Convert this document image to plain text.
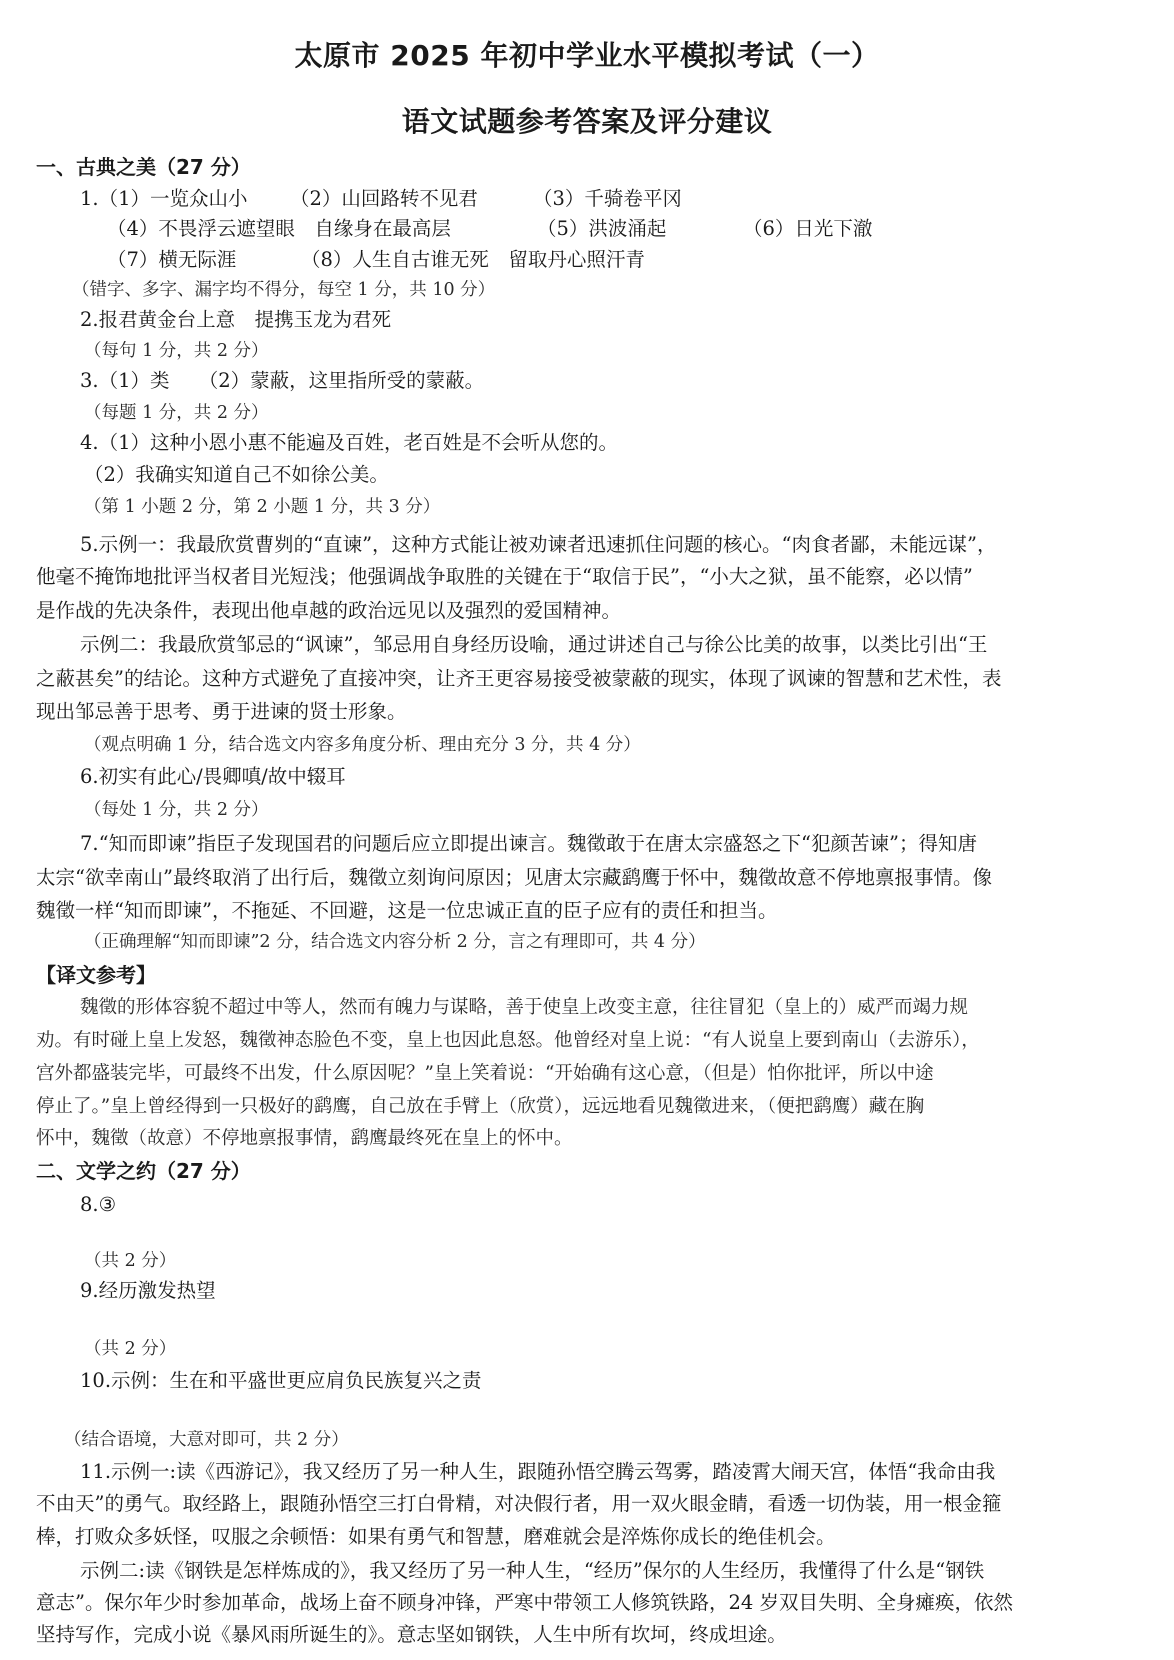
太原市 2025 年初中学业水平模拟考试（一）
语文试题参考答案及评分建议
一、古典之美（27 分）
1.（1）一览众山小 （2）山回路转不见君	（3）千骑卷平冈
（4）不畏浮云遮望眼　自缘身在最高层	（5）洪波涌起	（6）日光下澈
（7）横无际涯	（8）人生自古谁无死　留取丹心照汗青
（错字、多字、漏字均不得分，每空 1 分，共 10 分）
2.报君黄金台上意　提携玉龙为君死
（每句 1 分，共 2 分）
3.（1）类　　（2）蒙蔽，这里指所受的蒙蔽。
（每题 1 分，共 2 分）
4.（1）这种小恩小惠不能遍及百姓，老百姓是不会听从您的。
（2）我确实知道自己不如徐公美。
（第 1 小题 2 分，第 2 小题 1 分，共 3 分）
5.示例一：我最欣赏曹刿的“直谏”，这种方式能让被劝谏者迅速抓住问题的核心。“肉食者鄙，未能远谋”，
他毫不掩饰地批评当权者目光短浅；他强调战争取胜的关键在于“取信于民”，“小大之狱，虽不能察，必以情”
是作战的先决条件，表现出他卓越的政治远见以及强烈的爱国精神。
示例二：我最欣赏邹忌的“讽谏”，邹忌用自身经历设喻，通过讲述自己与徐公比美的故事，以类比引出“王
之蔽甚矣”的结论。这种方式避免了直接冲突，让齐王更容易接受被蒙蔽的现实，体现了讽谏的智慧和艺术性，表
现出邹忌善于思考、勇于进谏的贤士形象。
（观点明确 1 分，结合选文内容多角度分析、理由充分 3 分，共 4 分）
6.初实有此心/畏卿嗔/故中辍耳
（每处 1 分，共 2 分）
7.“知而即谏”指臣子发现国君的问题后应立即提出谏言。魏徵敢于在唐太宗盛怒之下“犯颜苦谏”；得知唐
太宗“欲幸南山”最终取消了出行后，魏徵立刻询问原因；见唐太宗藏鹞鹰于怀中，魏徵故意不停地禀报事情。像
魏徵一样“知而即谏”，不拖延、不回避，这是一位忠诚正直的臣子应有的责任和担当。
（正确理解“知而即谏”2 分，结合选文内容分析 2 分，言之有理即可，共 4 分）
【译文参考】
魏徵的形体容貌不超过中等人，然而有魄力与谋略，善于使皇上改变主意，往往冒犯（皇上的）威严而竭力规
劝。有时碰上皇上发怒，魏徵神态脸色不变，皇上也因此息怒。他曾经对皇上说：“有人说皇上要到南山（去游乐），
宫外都盛装完毕，可最终不出发，什么原因呢？”皇上笑着说：“开始确有这心意，（但是）怕你批评，所以中途
停止了。”皇上曾经得到一只极好的鹞鹰，自己放在手臂上（欣赏），远远地看见魏徵进来，（便把鹞鹰）藏在胸
怀中，魏徵（故意）不停地禀报事情，鹞鹰最终死在皇上的怀中。
二、文学之约（27 分）
8.③
（共 2 分）
9.经历激发热望
（共 2 分）
10.示例：生在和平盛世更应肩负民族复兴之责
（结合语境，大意对即可，共 2 分）
11.示例一:读《西游记》，我又经历了另一种人生，跟随孙悟空腾云驾雾，踏凌霄大闹天宫，体悟“我命由我
不由天”的勇气。取经路上，跟随孙悟空三打白骨精，对决假行者，用一双火眼金睛，看透一切伪装，用一根金箍
棒，打败众多妖怪，叹服之余顿悟：如果有勇气和智慧，磨难就会是淬炼你成长的绝佳机会。
示例二:读《钢铁是怎样炼成的》，我又经历了另一种人生，“经历”保尔的人生经历，我懂得了什么是“钢铁
意志”。保尔年少时参加革命，战场上奋不顾身冲锋，严寒中带领工人修筑铁路，24 岁双目失明、全身瘫痪，依然
坚持写作，完成小说《暴风雨所诞生的》。意志坚如钢铁，人生中所有坎坷，终成坦途。
